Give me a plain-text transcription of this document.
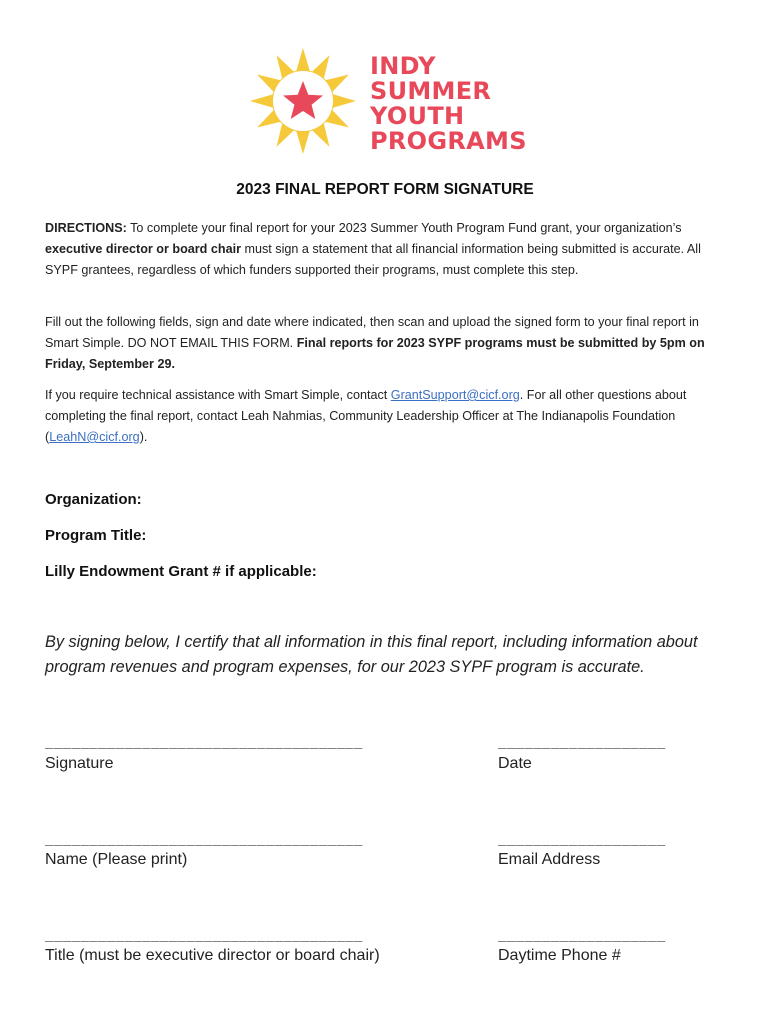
INDY
SUMMER
YOUTH
PROGRAMS
2023 FINAL REPORT FORM SIGNATURE
DIRECTIONS: To complete your final report for your 2023 Summer Youth Program Fund grant, your organization’s executive director or board chair must sign a statement that all financial information being submitted is accurate. All SYPF grantees, regardless of which funders supported their programs, must complete this step.
Fill out the following fields, sign and date where indicated, then scan and upload the signed form to your final report in Smart Simple. DO NOT EMAIL THIS FORM. Final reports for 2023 SYPF programs must be submitted by 5pm on Friday, September 29.
If you require technical assistance with Smart Simple, contact GrantSupport@cicf.org. For all other questions about completing the final report, contact Leah Nahmias, Community Leadership Officer at The Indianapolis Foundation (LeahN@cicf.org).
Organization:
Program Title:
Lilly Endowment Grant # if applicable:
By signing below, I certify that all information in this final report, including information about program revenues and program expenses, for our 2023 SYPF program is accurate.
____________________________________
Signature
___________________
Date
____________________________________
Name (Please print)
___________________
Email Address
____________________________________
Title (must be executive director or board chair)
___________________
Daytime Phone #
